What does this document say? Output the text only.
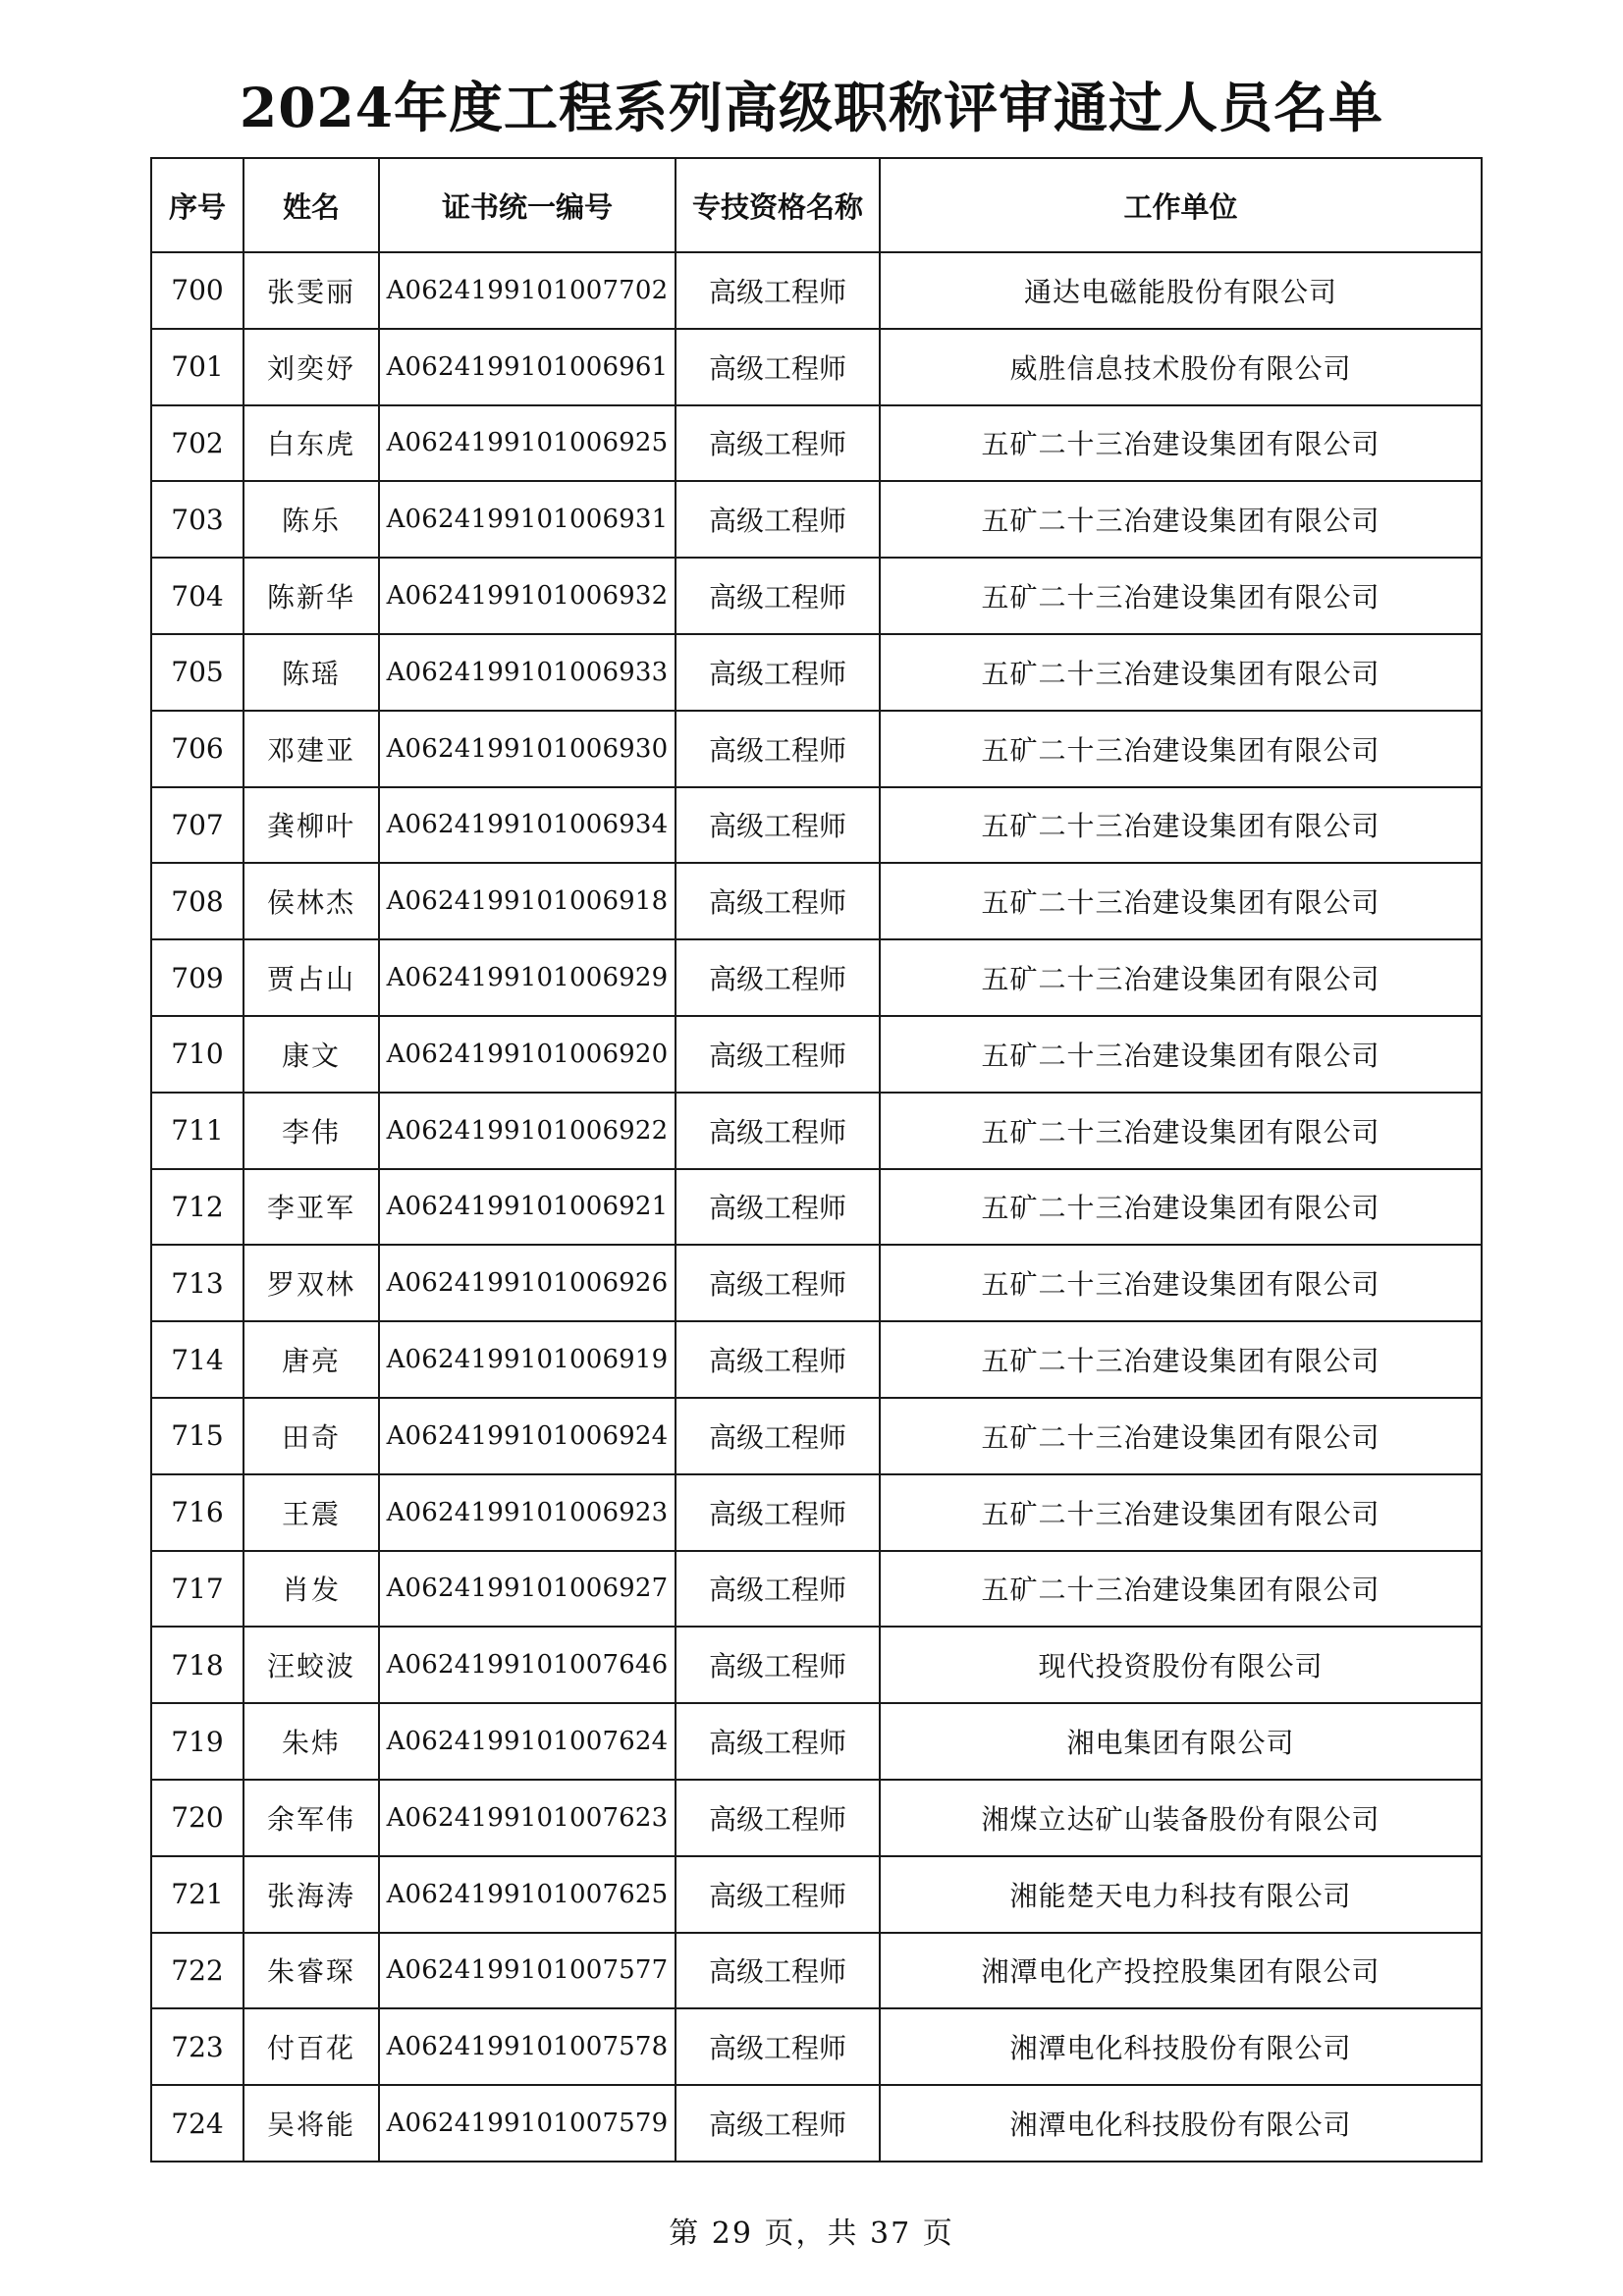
2024年度工程系列高级职称评审通过人员名单
序号	姓名	证书统一编号	专技资格名称	工作单位
700	张雯丽	A0624199101007702	高级工程师	通达电磁能股份有限公司
701	刘奕妤	A0624199101006961	高级工程师	威胜信息技术股份有限公司
702	白东虎	A0624199101006925	高级工程师	五矿二十三冶建设集团有限公司
703	陈乐	A0624199101006931	高级工程师	五矿二十三冶建设集团有限公司
704	陈新华	A0624199101006932	高级工程师	五矿二十三冶建设集团有限公司
705	陈瑶	A0624199101006933	高级工程师	五矿二十三冶建设集团有限公司
706	邓建亚	A0624199101006930	高级工程师	五矿二十三冶建设集团有限公司
707	龚柳叶	A0624199101006934	高级工程师	五矿二十三冶建设集团有限公司
708	侯林杰	A0624199101006918	高级工程师	五矿二十三冶建设集团有限公司
709	贾占山	A0624199101006929	高级工程师	五矿二十三冶建设集团有限公司
710	康文	A0624199101006920	高级工程师	五矿二十三冶建设集团有限公司
711	李伟	A0624199101006922	高级工程师	五矿二十三冶建设集团有限公司
712	李亚军	A0624199101006921	高级工程师	五矿二十三冶建设集团有限公司
713	罗双林	A0624199101006926	高级工程师	五矿二十三冶建设集团有限公司
714	唐亮	A0624199101006919	高级工程师	五矿二十三冶建设集团有限公司
715	田奇	A0624199101006924	高级工程师	五矿二十三冶建设集团有限公司
716	王震	A0624199101006923	高级工程师	五矿二十三冶建设集团有限公司
717	肖发	A0624199101006927	高级工程师	五矿二十三冶建设集团有限公司
718	汪蛟波	A0624199101007646	高级工程师	现代投资股份有限公司
719	朱炜	A0624199101007624	高级工程师	湘电集团有限公司
720	余军伟	A0624199101007623	高级工程师	湘煤立达矿山装备股份有限公司
721	张海涛	A0624199101007625	高级工程师	湘能楚天电力科技有限公司
722	朱睿琛	A0624199101007577	高级工程师	湘潭电化产投控股集团有限公司
723	付百花	A0624199101007578	高级工程师	湘潭电化科技股份有限公司
724	吴将能	A0624199101007579	高级工程师	湘潭电化科技股份有限公司
第 29 页，共 37 页
